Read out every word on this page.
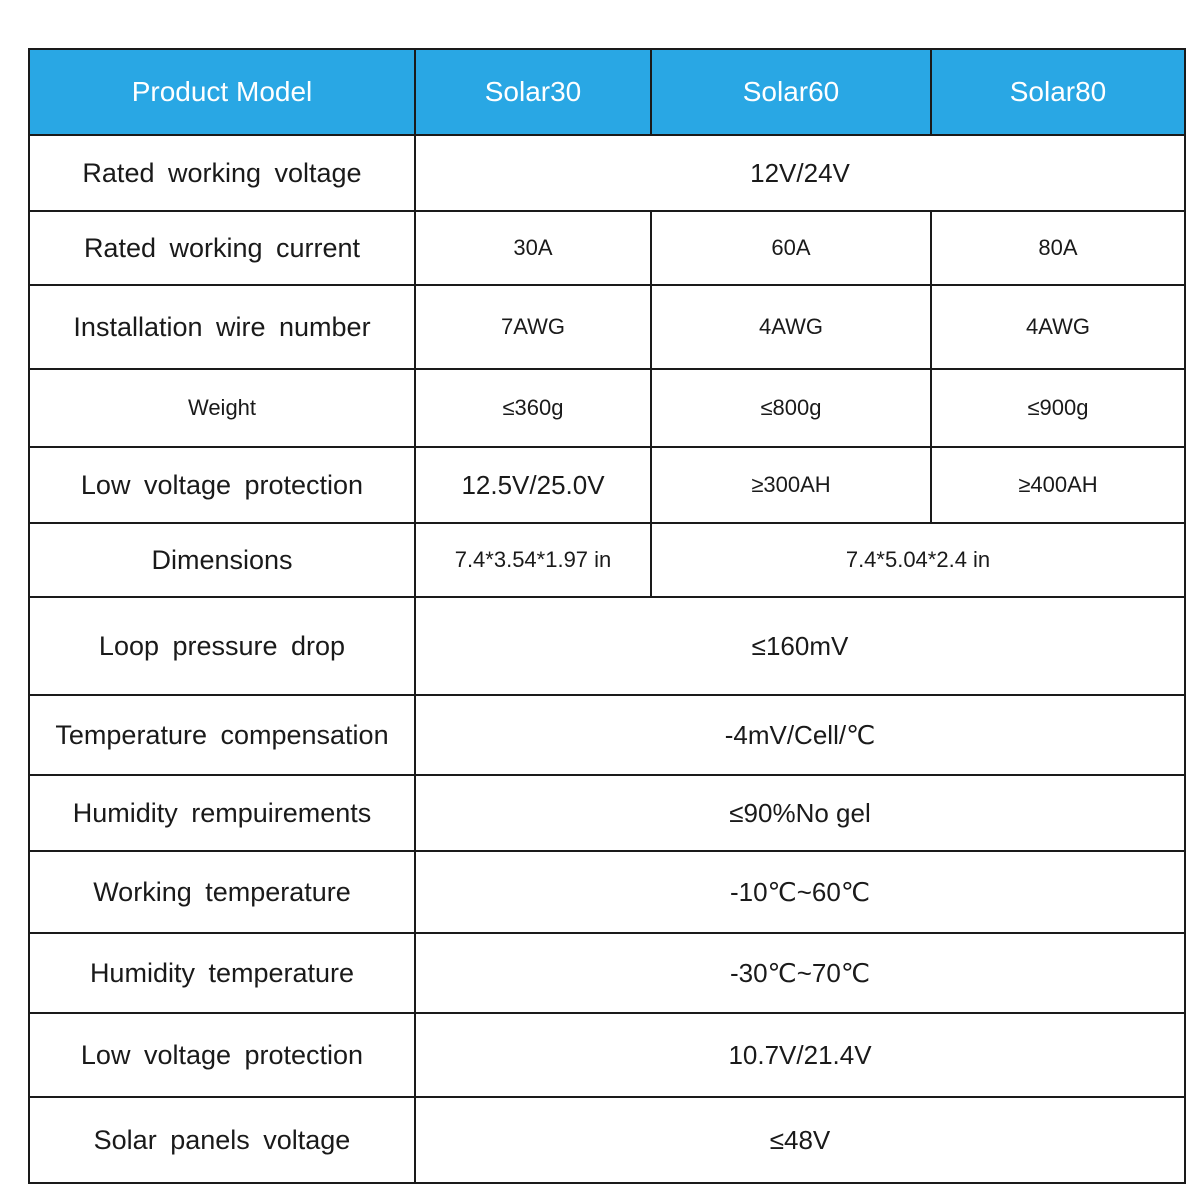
Product Model	Solar30	Solar60	Solar80
Rated working voltage	12V/24V		
Rated working current	30A	60A	80A
Installation wire number	7AWG	4AWG	4AWG
Weight	≤360g	≤800g	≤900g
Low voltage protection	12.5V/25.0V	≥300AH	≥400AH
Dimensions	7.4*3.54*1.97 in	7.4*5.04*2.4 in	
Loop pressure drop	≤160mV		
Temperature compensation	-4mV/Cell/℃		
Humidity rempuirements	≤90%No gel		
Working temperature	-10℃~60℃		
Humidity temperature	-30℃~70℃		
Low voltage protection	10.7V/21.4V		
Solar panels voltage	≤48V		
